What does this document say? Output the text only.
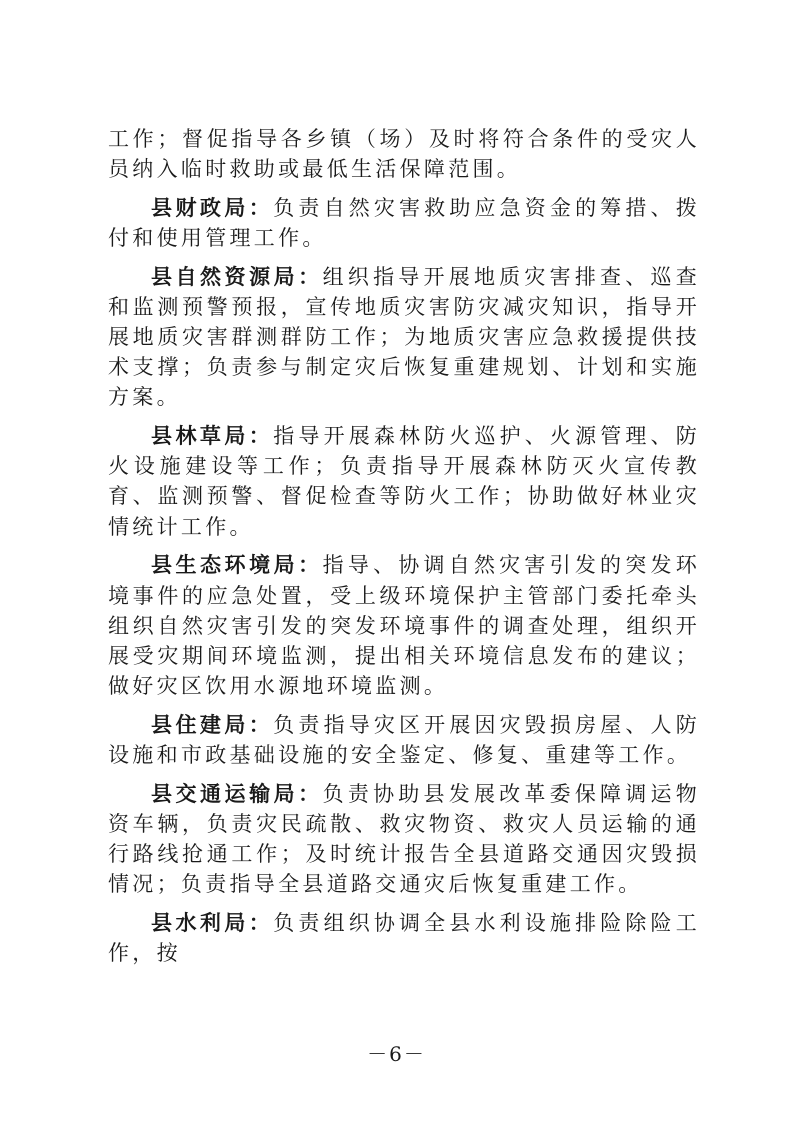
工作；督促指导各乡镇（场）及时将符合条件的受灾人员纳入临时救助或最低生活保障范围。

县财政局：负责自然灾害救助应急资金的筹措、拨付和使用管理工作。

县自然资源局：组织指导开展地质灾害排查、巡查和监测预警预报，宣传地质灾害防灾减灾知识，指导开展地质灾害群测群防工作；为地质灾害应急救援提供技术支撑；负责参与制定灾后恢复重建规划、计划和实施方案。

县林草局：指导开展森林防火巡护、火源管理、防火设施建设等工作；负责指导开展森林防灭火宣传教育、监测预警、督促检查等防火工作；协助做好林业灾情统计工作。

县生态环境局：指导、协调自然灾害引发的突发环境事件的应急处置，受上级环境保护主管部门委托牵头组织自然灾害引发的突发环境事件的调查处理，组织开展受灾期间环境监测，提出相关环境信息发布的建议；做好灾区饮用水源地环境监测。

县住建局：负责指导灾区开展因灾毁损房屋、人防设施和市政基础设施的安全鉴定、修复、重建等工作。

县交通运输局：负责协助县发展改革委保障调运物资车辆，负责灾民疏散、救灾物资、救灾人员运输的通行路线抢通工作；及时统计报告全县道路交通因灾毁损情况；负责指导全县道路交通灾后恢复重建工作。

县水利局：负责组织协调全县水利设施排险除险工作，按

－6－
